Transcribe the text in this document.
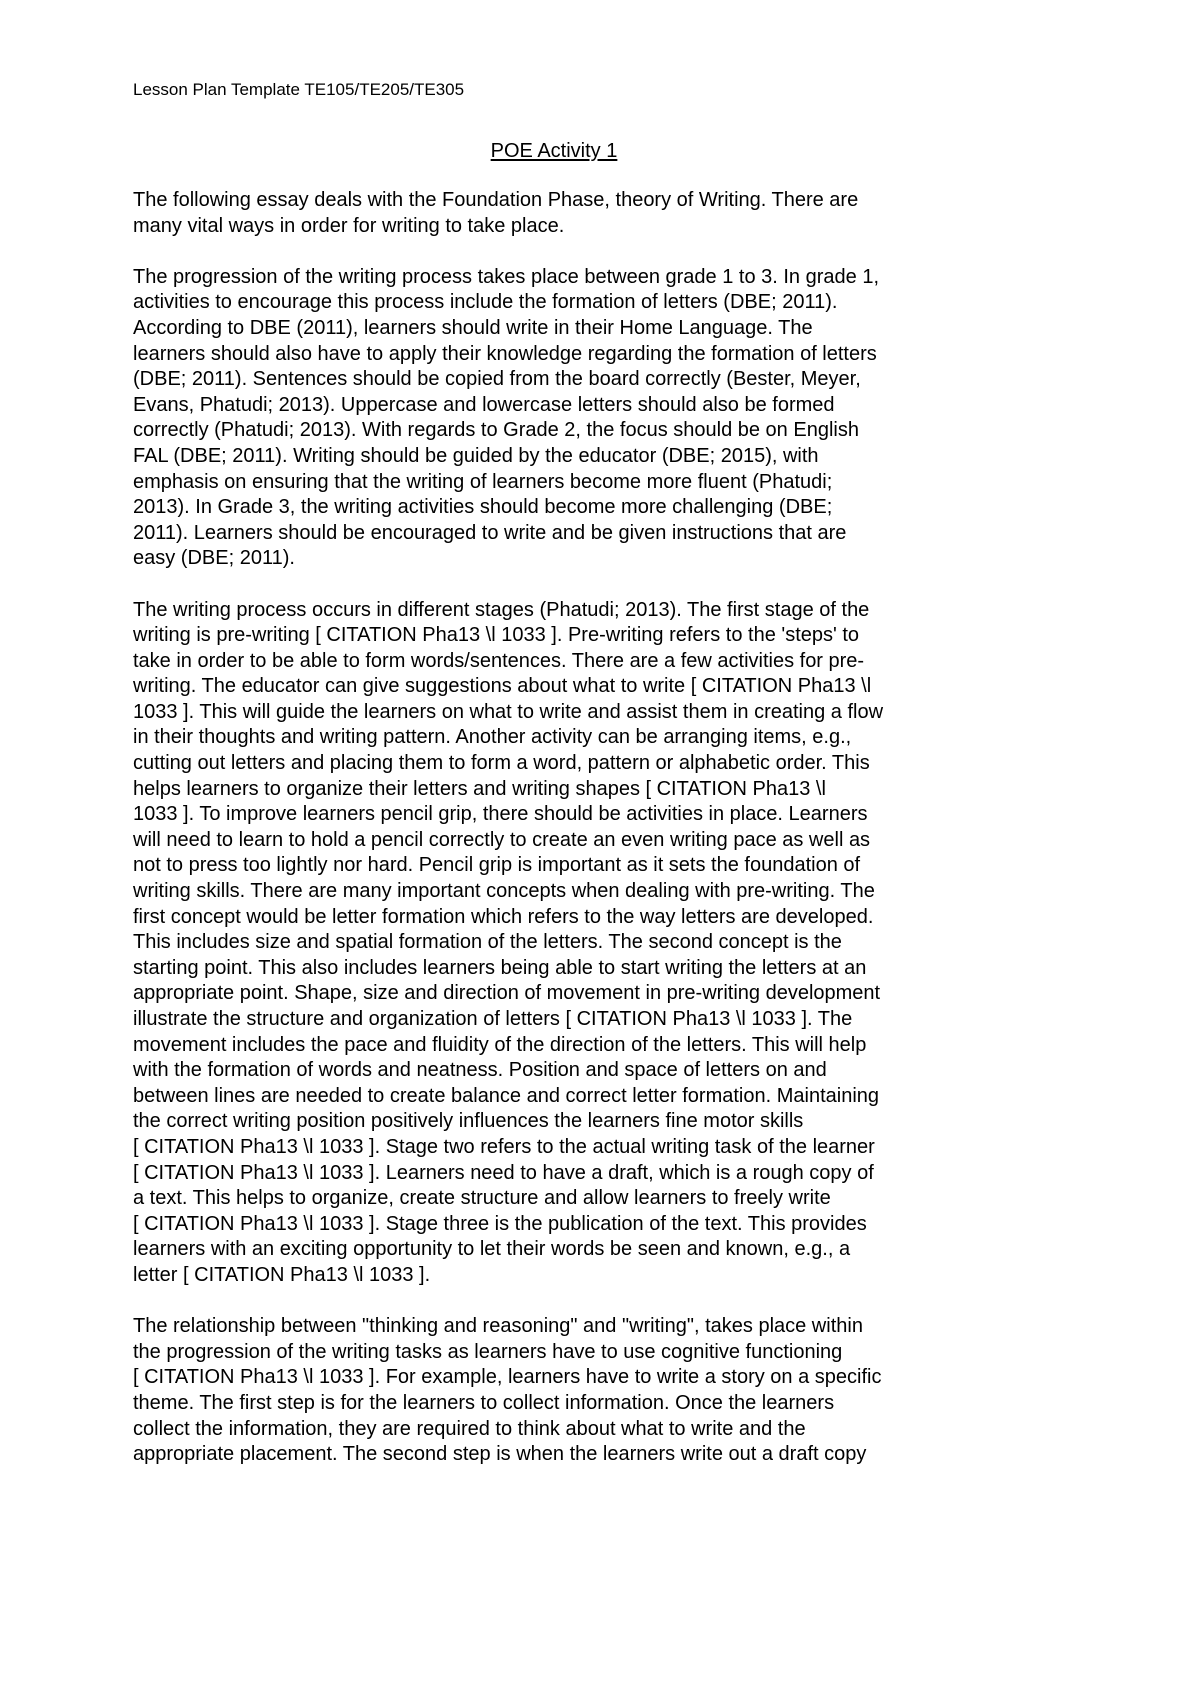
Lesson Plan Template TE105/TE205/TE305
POE Activity 1

The following essay deals with the Foundation Phase, theory of Writing. There are
many vital ways in order for writing to take place.

The progression of the writing process takes place between grade 1 to 3. In grade 1,
activities to encourage this process include the formation of letters (DBE; 2011).
According to DBE (2011), learners should write in their Home Language. The
learners should also have to apply their knowledge regarding the formation of letters
(DBE; 2011). Sentences should be copied from the board correctly (Bester, Meyer,
Evans, Phatudi; 2013). Uppercase and lowercase letters should also be formed
correctly (Phatudi; 2013). With regards to Grade 2, the focus should be on English
FAL (DBE; 2011). Writing should be guided by the educator (DBE; 2015), with
emphasis on ensuring that the writing of learners become more fluent (Phatudi;
2013). In Grade 3, the writing activities should become more challenging (DBE;
2011). Learners should be encouraged to write and be given instructions that are
easy (DBE; 2011).

The writing process occurs in different stages (Phatudi; 2013). The first stage of the
writing is pre-writing [ CITATION Pha13 \l 1033 ]. Pre-writing refers to the 'steps' to
take in order to be able to form words/sentences. There are a few activities for pre-
writing. The educator can give suggestions about what to write [ CITATION Pha13 \l
1033 ]. This will guide the learners on what to write and assist them in creating a flow
in their thoughts and writing pattern. Another activity can be arranging items, e.g.,
cutting out letters and placing them to form a word, pattern or alphabetic order. This
helps learners to organize their letters and writing shapes [ CITATION Pha13 \l
1033 ]. To improve learners pencil grip, there should be activities in place. Learners
will need to learn to hold a pencil correctly to create an even writing pace as well as
not to press too lightly nor hard. Pencil grip is important as it sets the foundation of
writing skills. There are many important concepts when dealing with pre-writing. The
first concept would be letter formation which refers to the way letters are developed.
This includes size and spatial formation of the letters. The second concept is the
starting point. This also includes learners being able to start writing the letters at an
appropriate point. Shape, size and direction of movement in pre-writing development
illustrate the structure and organization of letters [ CITATION Pha13 \l 1033 ]. The
movement includes the pace and fluidity of the direction of the letters. This will help
with the formation of words and neatness. Position and space of letters on and
between lines are needed to create balance and correct letter formation. Maintaining
the correct writing position positively influences the learners fine motor skills
[ CITATION Pha13 \l 1033 ]. Stage two refers to the actual writing task of the learner
[ CITATION Pha13 \l 1033 ]. Learners need to have a draft, which is a rough copy of
a text. This helps to organize, create structure and allow learners to freely write
[ CITATION Pha13 \l 1033 ]. Stage three is the publication of the text. This provides
learners with an exciting opportunity to let their words be seen and known, e.g., a
letter [ CITATION Pha13 \l 1033 ].

The relationship between "thinking and reasoning" and "writing", takes place within
the progression of the writing tasks as learners have to use cognitive functioning
[ CITATION Pha13 \l 1033 ]. For example, learners have to write a story on a specific
theme. The first step is for the learners to collect information. Once the learners
collect the information, they are required to think about what to write and the
appropriate placement. The second step is when the learners write out a draft copy
